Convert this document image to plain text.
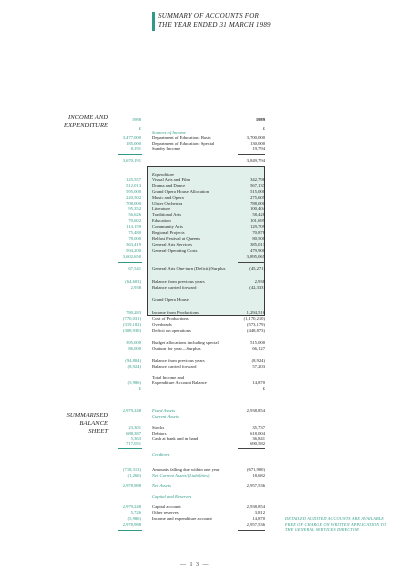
SUMMARY OF ACCOUNTS FOR
THE YEAR ENDED 31 MARCH 1989
INCOME AND
EXPENDITURE
SUMMARISED
BALANCE SHEET
1988	1989
£	£
Sources of Income
3,477,000 Department of Education: Basic	3,700,000
185,000 Department of Education: Special	130,000
8,191 Sundry Income	19,794
3,670,191	3,849,794
Expenditure
125,557 Visual Arts and Film	342,798
512,013 Drama and Dance	567,137
595,000 Grand Opera House Allocation	515,000
220,502 Music and Opera	275,605
708,000 Ulster Orchestra	788,000
95,352 Literature	100,404
56,626 Traditional Arts	58,428
70,602 Education	101,695
114,159 Community Arts	129,709
75,480 Regional Projects	70,878
78,000 Belfast Festival at Queens	80,500
363,419 General Arts Services	385,013
594,200 General Operating Costs	479,900
3,602,650	3,895,065
67,541 General Arts One-turn (Deficit)/Surplus	(45,271)
(64,603) Balance from previous years	2,938
2,938 Balance carried forward	(42,333)
Grand Opera House
780,283 Income from Productions	1,294,516
(770,031) Cost of Productions	(1,170,210)
(319,182) Overheads	(573,179)
(308,930) Deficit on operations	(448,873)
395,000 Budget allocations including special	515,000
86,000 Outturn for year—Surplus	66,127
(94,884) Balance from previous years	(8,924)
(8,924) Balance carried forward	57,203
Total Income and
(5,986) Expenditure Account Balance	14,870
£	£
2,979,248 Fixed Assets	2,938,854
Current Assets
23,301 Stocks	35,737
688,387 Debtors	618,004
5,363 Cash at bank and in hand	36,841
717,051	690,582
Creditors
(718,313) Amounts falling due within one year	(671,900)
(1,260) Net Current Assets/(Liabilities)	18,682
2,978,988 Net Assets	2,957,536
Capital and Reserves
2,979,248 Capital account	2,938,854
5,726 Other reserves	3,812
(5,986) Income and expenditure account	14,870
2,978,988	2,957,536
DETAILED AUDITED ACCOUNTS ARE AVAILABLE FREE OF CHARGE ON WRITTEN APPLICATION TO THE GENERAL SERVICES DIRECTOR
— 1 3 —
